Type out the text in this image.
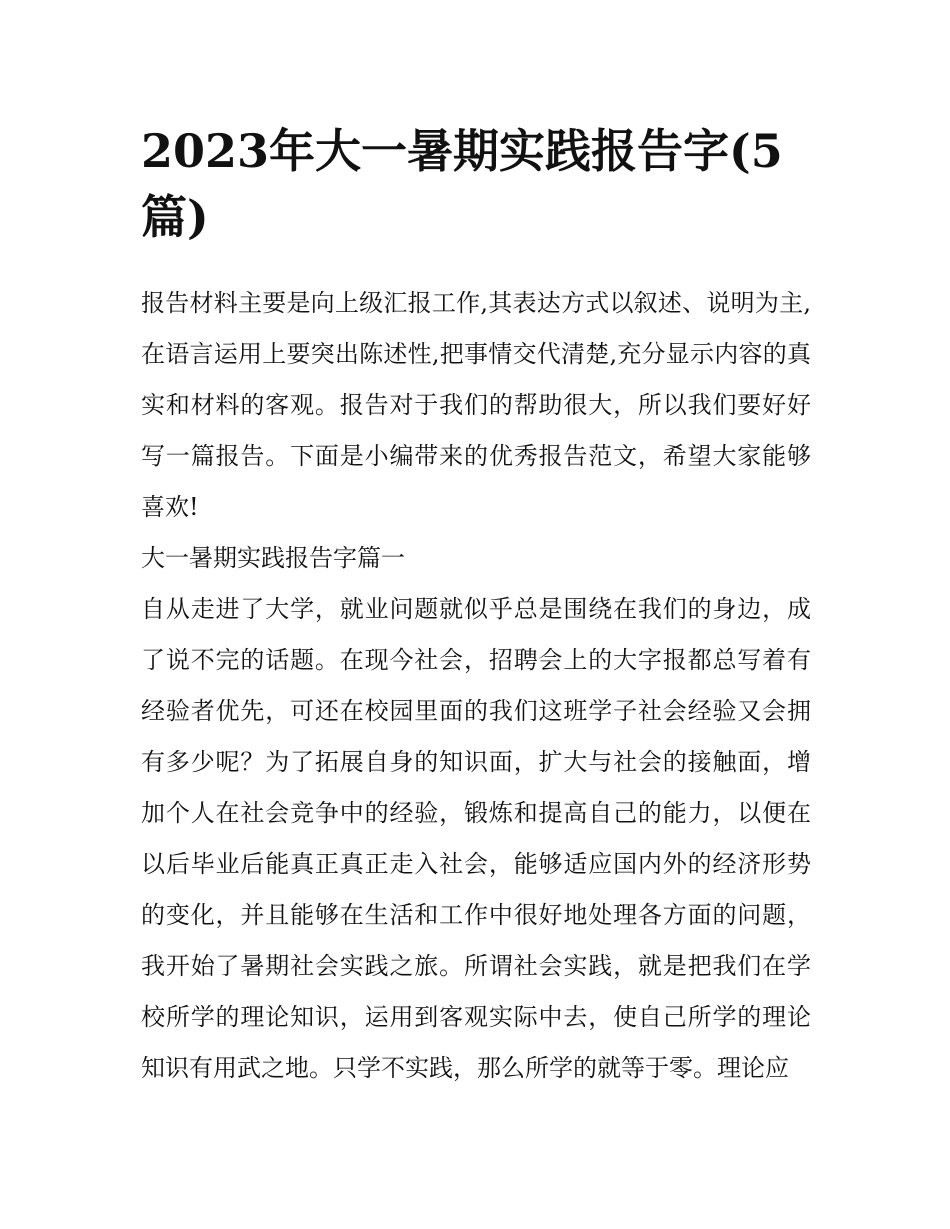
2023年大一暑期实践报告字(5篇)

报告材料主要是向上级汇报工作,其表达方式以叙述、说明为主,在语言运用上要突出陈述性,把事情交代清楚,充分显示内容的真实和材料的客观。报告对于我们的帮助很大，所以我们要好好写一篇报告。下面是小编带来的优秀报告范文，希望大家能够喜欢!

大一暑期实践报告字篇一

自从走进了大学，就业问题就似乎总是围绕在我们的身边，成了说不完的话题。在现今社会，招聘会上的大字报都总写着有经验者优先，可还在校园里面的我们这班学子社会经验又会拥有多少呢？为了拓展自身的知识面，扩大与社会的接触面，增加个人在社会竞争中的经验，锻炼和提高自己的能力，以便在以后毕业后能真正真正走入社会，能够适应国内外的经济形势的变化，并且能够在生活和工作中很好地处理各方面的问题，我开始了暑期社会实践之旅。所谓社会实践，就是把我们在学校所学的理论知识，运用到客观实际中去，使自己所学的理论知识有用武之地。只学不实践，那么所学的就等于零。理论应
